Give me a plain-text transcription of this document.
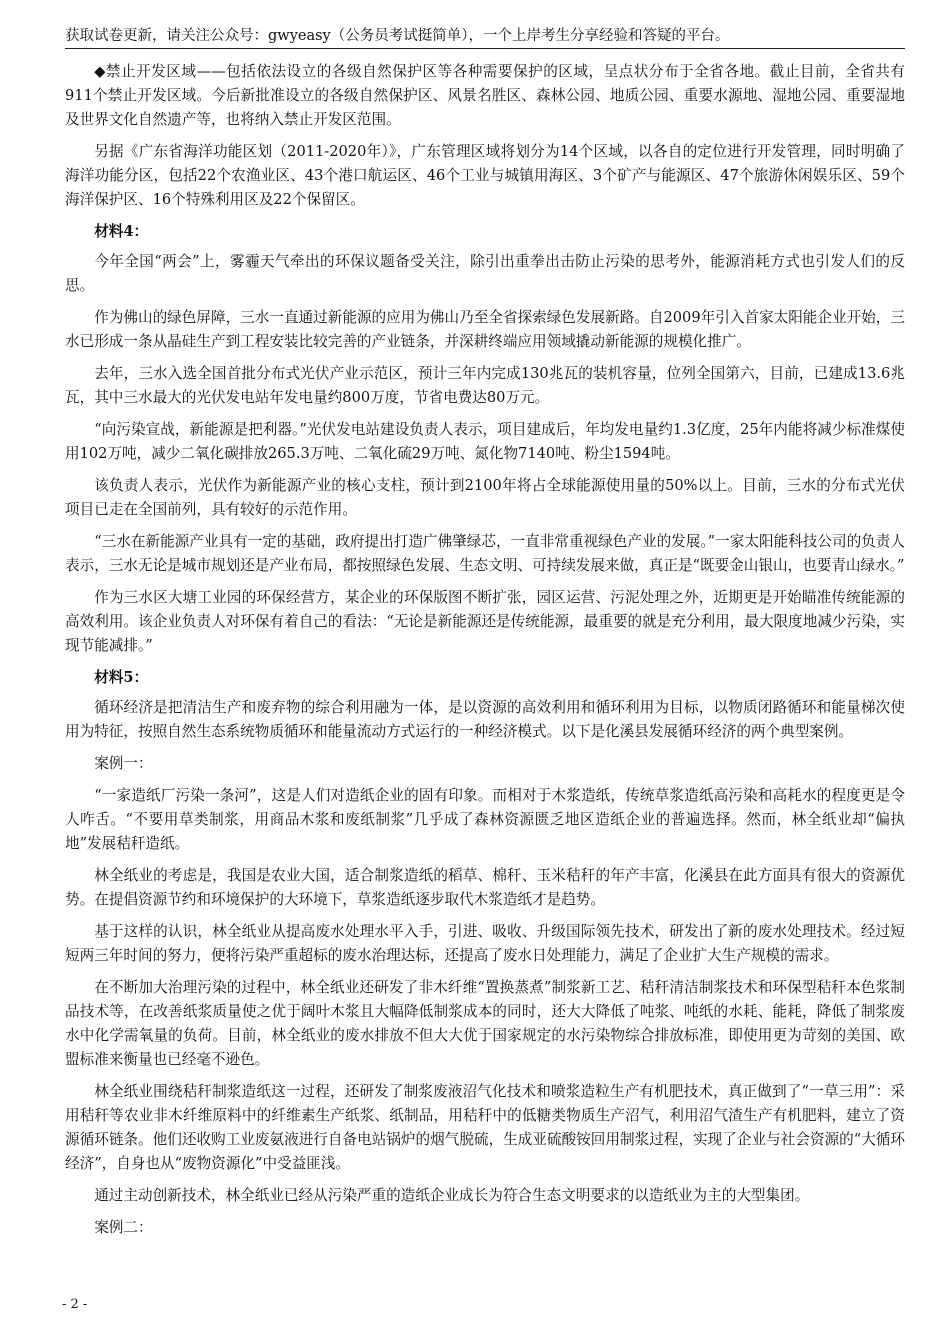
获取试卷更新，请关注公众号：gwyeasy（公务员考试挺简单），一个上岸考生分享经验和答疑的平台。

◆禁止开发区域——包括依法设立的各级自然保护区等各种需要保护的区域，呈点状分布于全省各地。截止目前，全省共有911个禁止开发区域。今后新批准设立的各级自然保护区、风景名胜区、森林公园、地质公园、重要水源地、湿地公园、重要湿地及世界文化自然遗产等，也将纳入禁止开发区范围。

另据《广东省海洋功能区划（2011-2020年）》，广东管理区域将划分为14个区域，以各自的定位进行开发管理，同时明确了海洋功能分区，包括22个农渔业区、43个港口航运区、46个工业与城镇用海区、3个矿产与能源区、47个旅游休闲娱乐区、59个海洋保护区、16个特殊利用区及22个保留区。

材料4：

今年全国“两会”上，雾霾天气牵出的环保议题备受关注，除引出重拳出击防止污染的思考外，能源消耗方式也引发人们的反思。

作为佛山的绿色屏障，三水一直通过新能源的应用为佛山乃至全省探索绿色发展新路。自2009年引入首家太阳能企业开始，三水已形成一条从晶硅生产到工程安装比较完善的产业链条，并深耕终端应用领域撬动新能源的规模化推广。

去年，三水入选全国首批分布式光伏产业示范区，预计三年内完成130兆瓦的装机容量，位列全国第六，目前，已建成13.6兆瓦，其中三水最大的光伏发电站年发电量约800万度，节省电费达80万元。

“向污染宣战，新能源是把利器。”光伏发电站建设负责人表示，项目建成后，年均发电量约1.3亿度，25年内能将减少标准煤使用102万吨，减少二氧化碳排放265.3万吨、二氧化硫29万吨、氮化物7140吨、粉尘1594吨。

该负责人表示，光伏作为新能源产业的核心支柱，预计到2100年将占全球能源使用量的50%以上。目前，三水的分布式光伏项目已走在全国前列，具有较好的示范作用。

“三水在新能源产业具有一定的基础，政府提出打造广佛肇绿芯，一直非常重视绿色产业的发展。”一家太阳能科技公司的负责人表示，三水无论是城市规划还是产业布局，都按照绿色发展、生态文明、可持续发展来做，真正是“既要金山银山，也要青山绿水。”

作为三水区大塘工业园的环保经营方，某企业的环保版图不断扩张，园区运营、污泥处理之外，近期更是开始瞄准传统能源的高效利用。该企业负责人对环保有着自己的看法：“无论是新能源还是传统能源，最重要的就是充分利用，最大限度地减少污染，实现节能减排。”

材料5：

循环经济是把清洁生产和废弃物的综合利用融为一体，是以资源的高效利用和循环利用为目标，以物质闭路循环和能量梯次使用为特征，按照自然生态系统物质循环和能量流动方式运行的一种经济模式。以下是化溪县发展循环经济的两个典型案例。

案例一：

“一家造纸厂污染一条河”，这是人们对造纸企业的固有印象。而相对于木浆造纸，传统草浆造纸高污染和高耗水的程度更是令人咋舌。“不要用草类制浆，用商品木浆和废纸制浆”几乎成了森林资源匮乏地区造纸企业的普遍选择。然而，林全纸业却“偏执地”发展秸秆造纸。

林全纸业的考虑是，我国是农业大国，适合制浆造纸的稻草、棉秆、玉米秸秆的年产丰富，化溪县在此方面具有很大的资源优势。在提倡资源节约和环境保护的大环境下，草浆造纸逐步取代木浆造纸才是趋势。

基于这样的认识，林全纸业从提高废水处理水平入手，引进、吸收、升级国际领先技术，研发出了新的废水处理技术。经过短短两三年时间的努力，便将污染严重超标的废水治理达标，还提高了废水日处理能力，满足了企业扩大生产规模的需求。

在不断加大治理污染的过程中，林全纸业还研发了非木纤维“置换蒸煮”制浆新工艺、秸秆清洁制浆技术和环保型秸秆本色浆制品技术等，在改善纸浆质量使之优于阔叶木浆且大幅降低制浆成本的同时，还大大降低了吨浆、吨纸的水耗、能耗，降低了制浆废水中化学需氧量的负荷。目前，林全纸业的废水排放不但大大优于国家规定的水污染物综合排放标准，即使用更为苛刻的美国、欧盟标准来衡量也已经毫不逊色。

林全纸业围绕秸秆制浆造纸这一过程，还研发了制浆废液沼气化技术和喷浆造粒生产有机肥技术，真正做到了“一草三用”：采用秸秆等农业非木纤维原料中的纤维素生产纸浆、纸制品，用秸秆中的低糖类物质生产沼气，利用沼气渣生产有机肥料，建立了资源循环链条。他们还收购工业废氨液进行自备电站锅炉的烟气脱硫，生成亚硫酸铵回用制浆过程，实现了企业与社会资源的“大循环经济”，自身也从“废物资源化”中受益匪浅。

通过主动创新技术，林全纸业已经从污染严重的造纸企业成长为符合生态文明要求的以造纸业为主的大型集团。

案例二：

- 2 -
